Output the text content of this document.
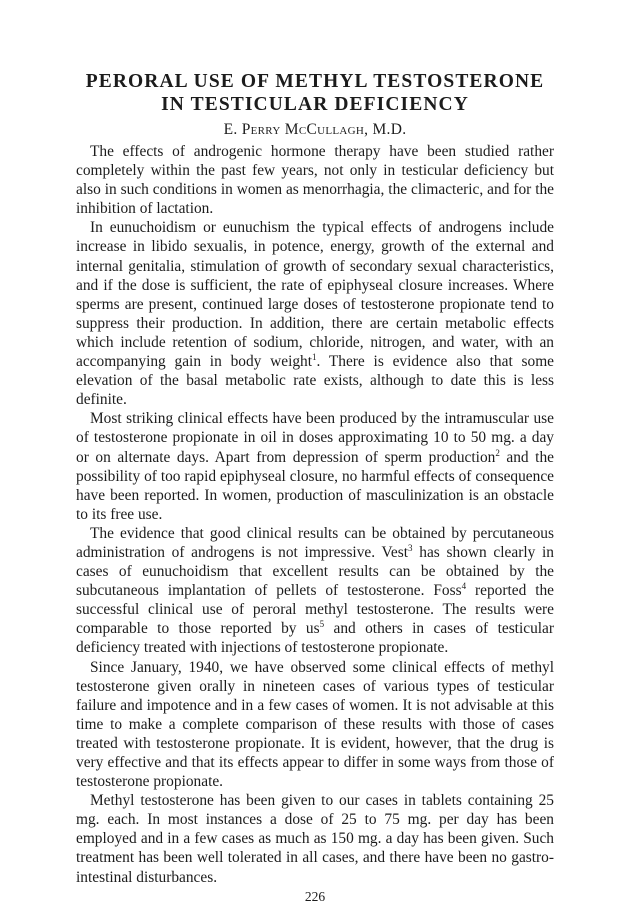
PERORAL USE OF METHYL TESTOSTERONE
IN TESTICULAR DEFICIENCY
E. Perry McCullagh, M.D.

The effects of androgenic hormone therapy have been studied rather completely within the past few years, not only in testicular deficiency but also in such conditions in women as menorrhagia, the climacteric, and for the inhibition of lactation.

In eunuchoidism or eunuchism the typical effects of androgens include increase in libido sexualis, in potence, energy, growth of the external and internal genitalia, stimulation of growth of secondary sexual characteristics, and if the dose is sufficient, the rate of epiphyseal closure increases. Where sperms are present, continued large doses of testosterone propionate tend to suppress their production. In addition, there are certain metabolic effects which include retention of sodium, chloride, nitrogen, and water, with an accompanying gain in body weight$^1$. There is evidence also that some elevation of the basal metabolic rate exists, although to date this is less definite.

Most striking clinical effects have been produced by the intramuscular use of testosterone propionate in oil in doses approximating 10 to 50 mg. a day or on alternate days. Apart from depression of sperm production$^2$ and the possibility of too rapid epiphyseal closure, no harmful effects of consequence have been reported. In women, production of masculinization is an obstacle to its free use.

The evidence that good clinical results can be obtained by percutaneous administration of androgens is not impressive. Vest$^3$ has shown clearly in cases of eunuchoidism that excellent results can be obtained by the subcutaneous implantation of pellets of testosterone. Foss$^4$ reported the successful clinical use of peroral methyl testosterone. The results were comparable to those reported by $us^5$ and others in cases of testicular deficiency treated with injections of testosterone propionate.

Since January, 1940, we have observed some clinical effects of methyl testosterone given orally in nineteen cases of various types of testicular failure and impotence and in a few cases of women. It is not advisable at this time to make a complete comparison of these results with those of cases treated with testosterone propionate. It is evident, however, that the drug is very effective and that its effects appear to differ in some ways from those of testosterone propionate.

Methyl testosterone has been given to our cases in tablets containing 25 mg. each. In most instances a dose of 25 to 75 mg. per day has been employed and in a few cases as much as 150 mg. a day has been given. Such treatment has been well tolerated in all cases, and there have been no gastro-intestinal disturbances.

226
